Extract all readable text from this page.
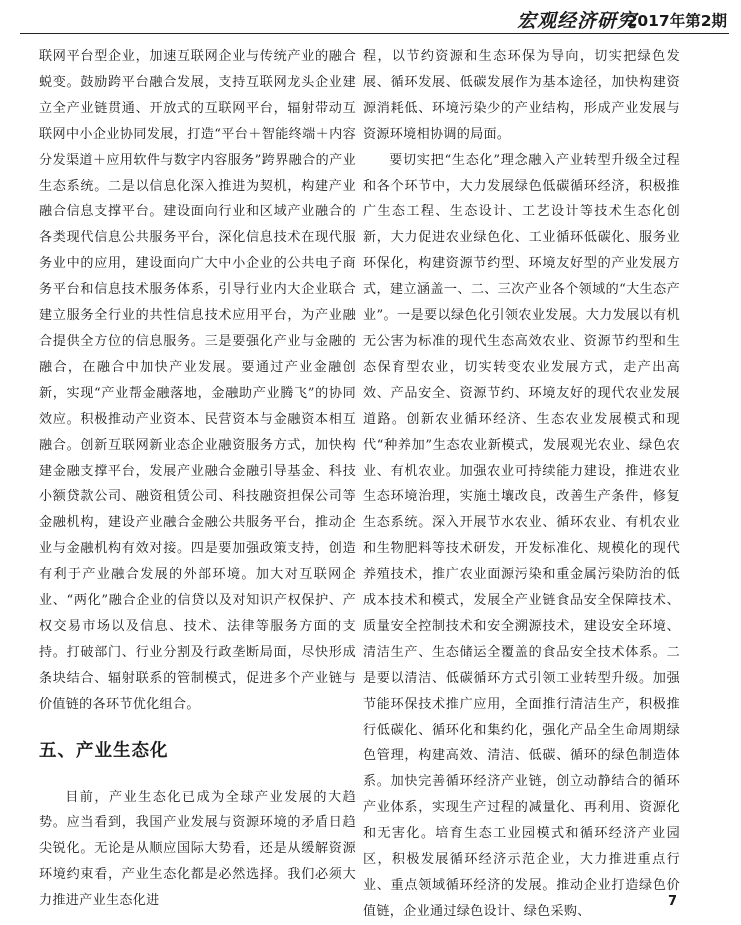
宏观经济研究
2017年第2期

联网平台型企业，加速互联网企业与传统产业的融合蜕变。鼓励跨平台融合发展，支持互联网龙头企业建立全产业链贯通、开放式的互联网平台，辐射带动互联网中小企业协同发展，打造“平台＋智能终端＋内容分发渠道＋应用软件与数字内容服务”跨界融合的产业生态系统。二是以信息化深入推进为契机，构建产业融合信息支撑平台。建设面向行业和区域产业融合的各类现代信息公共服务平台，深化信息技术在现代服务业中的应用，建设面向广大中小企业的公共电子商务平台和信息技术服务体系，引导行业内大企业联合建立服务全行业的共性信息技术应用平台，为产业融合提供全方位的信息服务。三是要强化产业与金融的融合，在融合中加快产业发展。要通过产业金融创新，实现“产业帮金融落地，金融助产业腾飞”的协同效应。积极推动产业资本、民营资本与金融资本相互融合。创新互联网新业态企业融资服务方式，加快构建金融支撑平台，发展产业融合金融引导基金、科技小额贷款公司、融资租赁公司、科技融资担保公司等金融机构，建设产业融合金融公共服务平台，推动企业与金融机构有效对接。四是要加强政策支持，创造有利于产业融合发展的外部环境。加大对互联网企业、“两化”融合企业的信贷以及对知识产权保护、产权交易市场以及信息、技术、法律等服务方面的支持。打破部门、行业分割及行政垄断局面，尽快形成条块结合、辐射联系的管制模式，促进多个产业链与价值链的各环节优化组合。

五、产业生态化

目前，产业生态化已成为全球产业发展的大趋势。应当看到，我国产业发展与资源环境的矛盾日趋尖锐化。无论是从顺应国际大势看，还是从缓解资源环境约束看，产业生态化都是必然选择。我们必须大力推进产业生态化进

程，以节约资源和生态环保为导向，切实把绿色发展、循环发展、低碳发展作为基本途径，加快构建资源消耗低、环境污染少的产业结构，形成产业发展与资源环境相协调的局面。

要切实把“生态化”理念融入产业转型升级全过程和各个环节中，大力发展绿色低碳循环经济，积极推广生态工程、生态设计、工艺设计等技术生态化创新，大力促进农业绿色化、工业循环低碳化、服务业环保化，构建资源节约型、环境友好型的产业发展方式，建立涵盖一、二、三次产业各个领域的“大生态产业”。一是要以绿色化引领农业发展。大力发展以有机无公害为标准的现代生态高效农业、资源节约型和生态保育型农业，切实转变农业发展方式，走产出高效、产品安全、资源节约、环境友好的现代农业发展道路。创新农业循环经济、生态农业发展模式和现代“种养加”生态农业新模式，发展观光农业、绿色农业、有机农业。加强农业可持续能力建设，推进农业生态环境治理，实施土壤改良，改善生产条件，修复生态系统。深入开展节水农业、循环农业、有机农业和生物肥料等技术研发，开发标准化、规模化的现代养殖技术，推广农业面源污染和重金属污染防治的低成本技术和模式，发展全产业链食品安全保障技术、质量安全控制技术和安全溯源技术，建设安全环境、清洁生产、生态储运全覆盖的食品安全技术体系。二是要以清洁、低碳循环方式引领工业转型升级。加强节能环保技术推广应用，全面推行清洁生产，积极推行低碳化、循环化和集约化，强化产品全生命周期绿色管理，构建高效、清洁、低碳、循环的绿色制造体系。加快完善循环经济产业链，创立动静结合的循环产业体系，实现生产过程的减量化、再利用、资源化和无害化。培育生态工业园模式和循环经济产业园区，积极发展循环经济示范企业，大力推进重点行业、重点领域循环经济的发展。推动企业打造绿色价值链，企业通过绿色设计、绿色采购、

7
